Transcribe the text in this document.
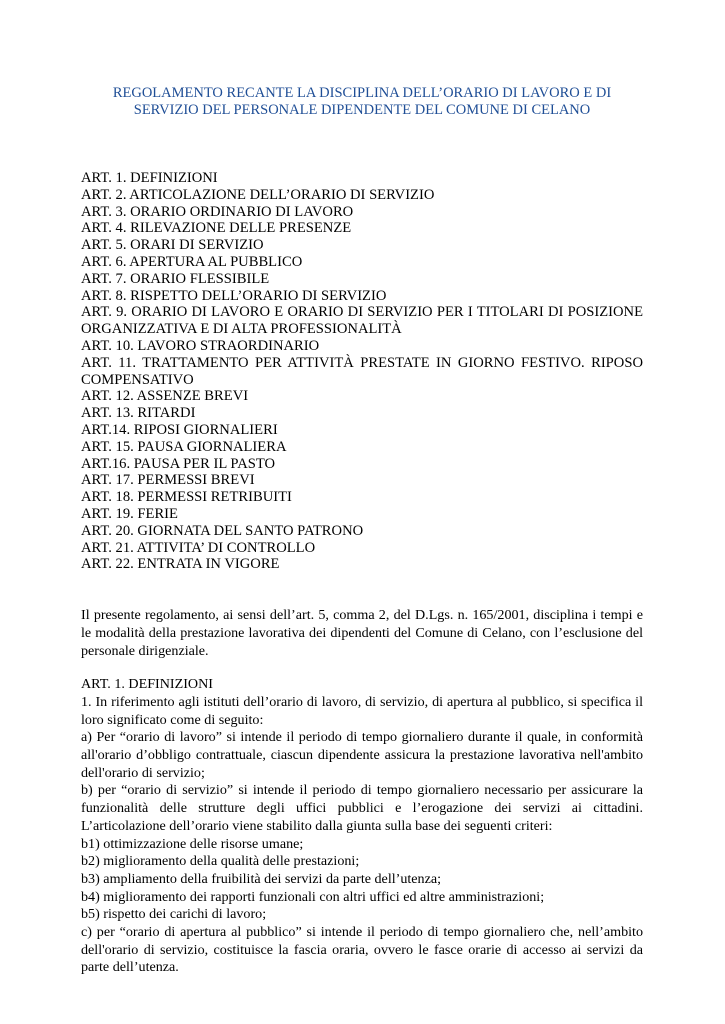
REGOLAMENTO RECANTE LA DISCIPLINA DELL’ORARIO DI LAVORO E DI
SERVIZIO DEL PERSONALE DIPENDENTE DEL COMUNE DI CELANO

ART. 1. DEFINIZIONI

ART. 2. ARTICOLAZIONE DELL’ORARIO DI SERVIZIO

ART. 3. ORARIO ORDINARIO DI LAVORO

ART. 4. RILEVAZIONE DELLE PRESENZE

ART. 5. ORARI DI SERVIZIO

ART. 6. APERTURA AL PUBBLICO

ART. 7. ORARIO FLESSIBILE

ART. 8. RISPETTO DELL’ORARIO DI SERVIZIO

ART. 9. ORARIO DI LAVORO E ORARIO DI SERVIZIO PER I TITOLARI DI POSIZIONE ORGANIZZATIVA E DI ALTA PROFESSIONALITÀ

ART. 10. LAVORO STRAORDINARIO

ART. 11. TRATTAMENTO PER ATTIVITÀ PRESTATE IN GIORNO FESTIVO. RIPOSO COMPENSATIVO

ART. 12. ASSENZE BREVI

ART. 13. RITARDI

ART.14. RIPOSI GIORNALIERI

ART. 15. PAUSA GIORNALIERA

ART.16. PAUSA PER IL PASTO

ART. 17. PERMESSI BREVI

ART. 18. PERMESSI RETRIBUITI

ART. 19. FERIE

ART. 20. GIORNATA DEL SANTO PATRONO

ART. 21. ATTIVITA’ DI CONTROLLO

ART. 22. ENTRATA IN VIGORE

Il presente regolamento, ai sensi dell’art. 5, comma 2, del D.Lgs. n. 165/2001, disciplina i tempi e le modalità della prestazione lavorativa dei dipendenti del Comune di Celano, con l’esclusione del personale dirigenziale.

ART. 1. DEFINIZIONI

1. In riferimento agli istituti dell’orario di lavoro, di servizio, di apertura al pubblico, si specifica il loro significato come di seguito:

a) Per “orario di lavoro” si intende il periodo di tempo giornaliero durante il quale, in conformità all'orario d’obbligo contrattuale, ciascun dipendente assicura la prestazione lavorativa nell'ambito dell'orario di servizio;

b) per “orario di servizio” si intende il periodo di tempo giornaliero necessario per assicurare la funzionalità delle strutture degli uffici pubblici e l’erogazione dei servizi ai cittadini. L’articolazione dell’orario viene stabilito dalla giunta sulla base dei seguenti criteri:

b1) ottimizzazione delle risorse umane;

b2) miglioramento della qualità delle prestazioni;

b3) ampliamento della fruibilità dei servizi da parte dell’utenza;

b4) miglioramento dei rapporti funzionali con altri uffici ed altre amministrazioni;

b5) rispetto dei carichi di lavoro;

c) per “orario di apertura al pubblico” si intende il periodo di tempo giornaliero che, nell’ambito dell'orario di servizio, costituisce la fascia oraria, ovvero le fasce orarie di accesso ai servizi da parte dell’utenza.
